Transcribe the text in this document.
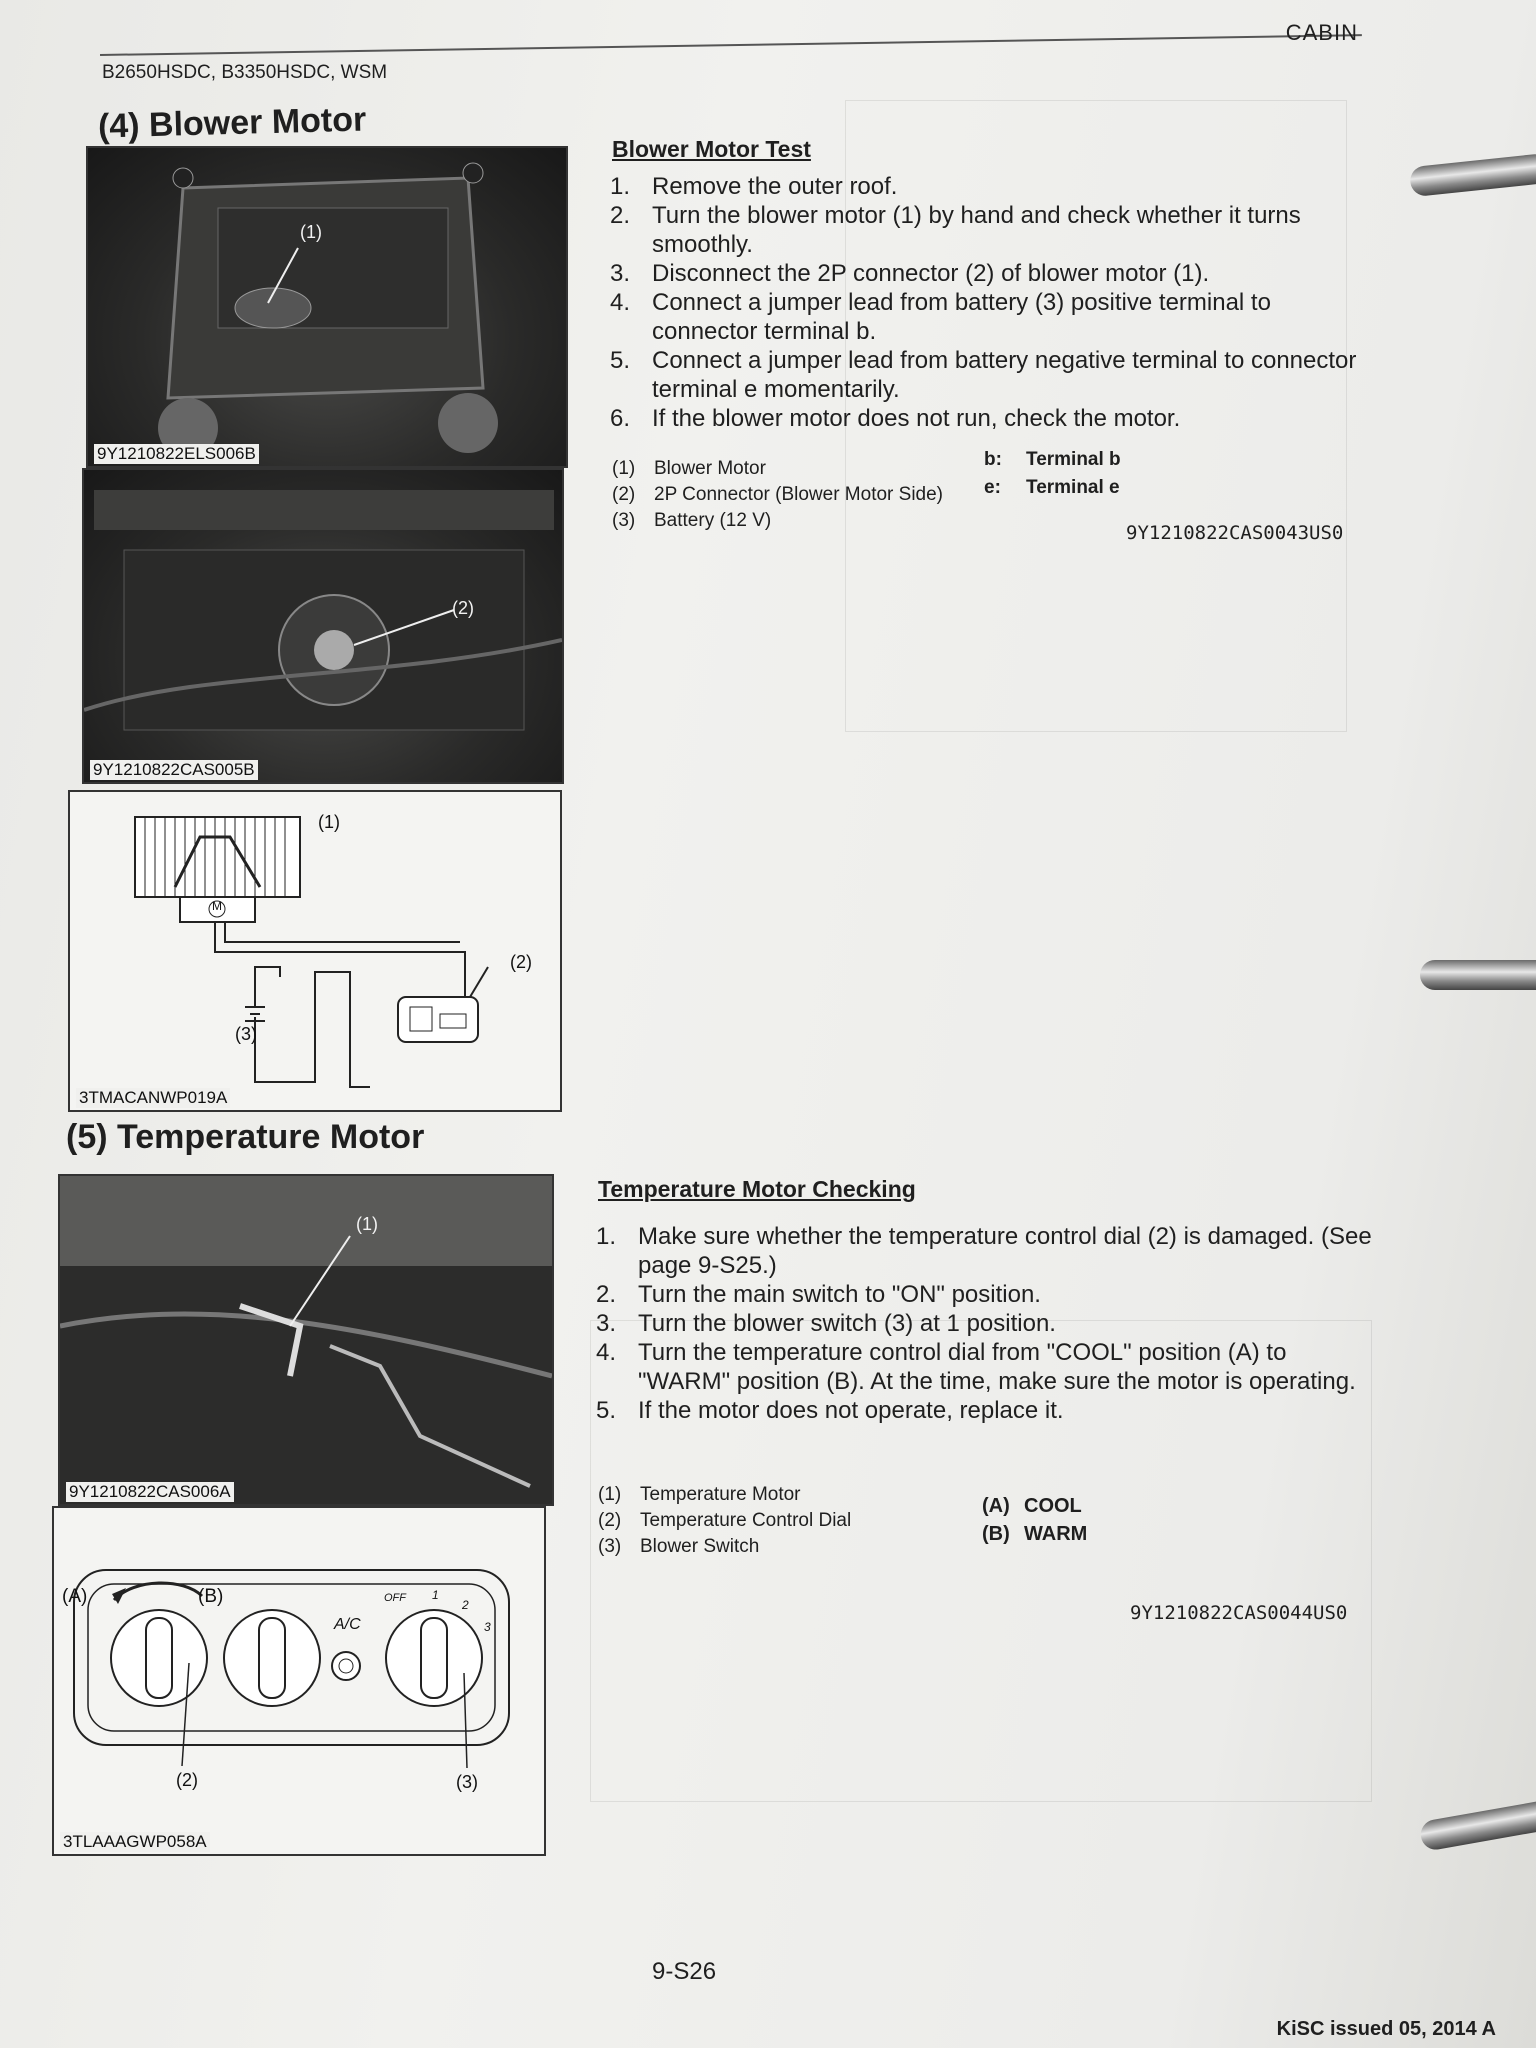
B2650HSDC, B3350HSDC, WSM
CABIN
(4) Blower Motor
(1)
9Y1210822ELS006B
(2)
9Y1210822CAS005B
M
(1)
(2)
(3)
3TMACANWP019A
Blower Motor Test
1. Remove the outer roof.
2. Turn the blower motor (1) by hand and check whether it turns smoothly.
3. Disconnect the 2P connector (2) of blower motor (1).
4. Connect a jumper lead from battery (3) positive terminal to connector terminal b.
5. Connect a jumper lead from battery negative terminal to connector terminal e momentarily.
6. If the blower motor does not run, check the motor.
(1) Blower Motor
(2) 2P Connector (Blower Motor Side)
(3) Battery (12 V)
b:	Terminal b
e:	Terminal e
9Y1210822CAS0043US0
(5) Temperature Motor
(1)
9Y1210822CAS006A
(A)	(B)
A/C
OFF 1
2
3
(2)	(3)
3TLAAAGWP058A
Temperature Motor Checking
1. Make sure whether the temperature control dial (2) is damaged. (See page 9-S25.)
2. Turn the main switch to "ON" position.
3. Turn the blower switch (3) at 1 position.
4. Turn the temperature control dial from "COOL" position (A) to "WARM" position (B). At the time, make sure the motor is operating.
5. If the motor does not operate, replace it.
(1) Temperature Motor
(2) Temperature Control Dial
(3) Blower Switch
(A) COOL
(B) WARM
9Y1210822CAS0044US0
9-S26
KiSC issued 05, 2014 A
